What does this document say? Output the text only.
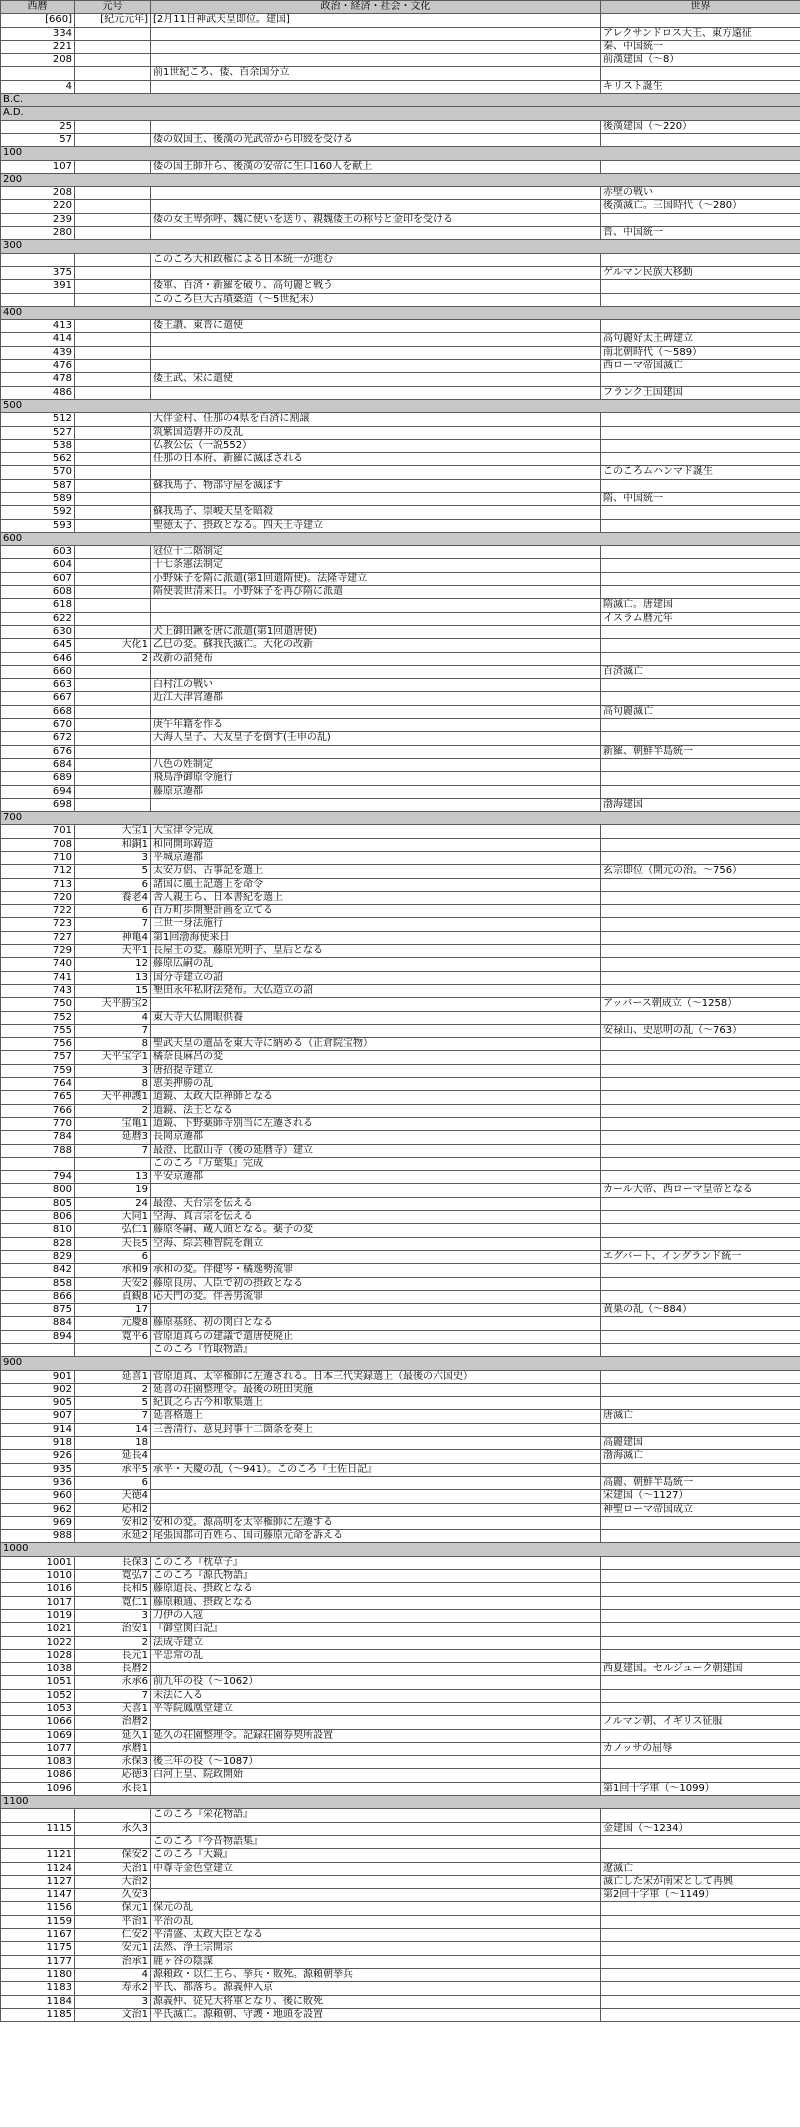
西暦	元号	政治・経済・社会・文化	世界
[660]	[紀元元年]	[2月11日神武天皇即位。建国]	
334			アレクサンドロス大王、東方遠征
221			秦、中国統一
208			前漢建国（～8）
		前1世紀ころ、倭、百余国分立	
4			キリスト誕生
B.C.			
A.D.			
25			後漢建国（～220）
57		倭の奴国王、後漢の光武帝から印綬を受ける	
100			
107		倭の国王帥升ら、後漢の安帝に生口160人を献上	
200			
208			赤壁の戦い
220			後漢滅亡。三国時代（～280）
239		倭の女王卑弥呼、魏に使いを送り、親魏倭王の称号と金印を受ける	
280			晋、中国統一
300			
		このころ大和政権による日本統一が進む	
375			ゲルマン民族大移動
391		倭軍、百済・新羅を破り、高句麗と戦う	
		このころ巨大古墳築造（～5世紀末）	
400			
413		倭王讃、東晋に遣使	
414			高句麗好太王碑建立
439			南北朝時代（～589）
476			西ローマ帝国滅亡
478		倭王武、宋に遣使	
486			フランク王国建国
500			
512		大伴金村、任那の4県を百済に割譲	
527		筑紫国造磐井の反乱	
538		仏教公伝（一説552）	
562		任那の日本府、新羅に滅ぼされる	
570			このころムハンマド誕生
587		蘇我馬子、物部守屋を滅ぼす	
589			隋、中国統一
592		蘇我馬子、崇峻天皇を暗殺	
593		聖徳太子、摂政となる。四天王寺建立	
600			
603		冠位十二階制定	
604		十七条憲法制定	
607		小野妹子を隋に派遣(第1回遣隋使)。法隆寺建立	
608		隋使裴世清来日。小野妹子を再び隋に派遣	
618			隋滅亡。唐建国
622			イスラム暦元年
630		犬上御田鍬を唐に派遣(第1回遣唐使)	
645	大化1	乙巳の変。蘇我氏滅亡。大化の改新	
646	2	改新の詔発布	
660			百済滅亡
663		白村江の戦い	
667		近江大津宮遷都	
668			高句麗滅亡
670		庚午年籍を作る	
672		大海人皇子、大友皇子を倒す(壬申の乱)	
676			新羅、朝鮮半島統一
684		八色の姓制定	
689		飛鳥浄御原令施行	
694		藤原京遷都	
698			渤海建国
700			
701	大宝1	大宝律令完成	
708	和銅1	和同開珎鋳造	
710	3	平城京遷都	
712	5	太安万侶、古事記を選上	玄宗即位（開元の治。～756）
713	6	諸国に風土記選上を命令	
720	養老4	舎人親王ら、日本書紀を選上	
722	6	百万町歩開墾計画を立てる	
723	7	三世一身法施行	
727	神亀4	第1回渤海使来日	
729	天平1	長屋王の変。藤原光明子、皇后となる	
740	12	藤原広嗣の乱	
741	13	国分寺建立の詔	
743	15	墾田永年私財法発布。大仏造立の詔	
750	天平勝宝2		アッバース朝成立（～1258）
752	4	東大寺大仏開眼供養	
755	7		安禄山、史思明の乱（～763）
756	8	聖武天皇の遺品を東大寺に納める（正倉院宝物）	
757	天平宝字1	橘奈良麻呂の変	
759	3	唐招提寺建立	
764	8	恵美押勝の乱	
765	天平神護1	道鏡、太政大臣禅師となる	
766	2	道鏡、法王となる	
770	宝亀1	道鏡、下野薬師寺別当に左遷される	
784	延暦3	長岡京遷都	
788	7	最澄、比叡山寺（後の延暦寺）建立	
		このころ『万葉集』完成	
794	13	平安京遷都	
800	19		カール大帝、西ローマ皇帝となる
805	24	最澄、天台宗を伝える	
806	大同1	空海、真言宗を伝える	
810	弘仁1	藤原冬嗣、蔵人頭となる。薬子の変	
828	天長5	空海、綜芸種智院を創立	
829	6		エグバート、イングランド統一
842	承和9	承和の変。伴健岑・橘逸勢流罪	
858	天安2	藤原良房、人臣で初の摂政となる	
866	貞観8	応天門の変。伴善男流罪	
875	17		黄巣の乱（～884）
884	元慶8	藤原基経、初の関白となる	
894	寛平6	菅原道真らの建議で遣唐使廃止	
		このころ『竹取物語』	
900			
901	延喜1	菅原道真、太宰権帥に左遷される。日本三代実録選上（最後の六国史）	
902	2	延喜の荘園整理令。最後の班田実施	
905	5	紀貫之ら古今和歌集選上	
907	7	延喜格選上	唐滅亡
914	14	三善清行、意見封事十二箇条を奏上	
918	18		高麗建国
926	延長4		渤海滅亡
935	承平5	承平・天慶の乱（～941）。このころ『土佐日記』	
936	6		高麗、朝鮮半島統一
960	天徳4		宋建国（～1127）
962	応和2		神聖ローマ帝国成立
969	安和2	安和の変。源高明を太宰権帥に左遷する	
988	永延2	尾張国郡司百姓ら、国司藤原元命を訴える	
1000			
1001	長保3	このころ『枕草子』	
1010	寛弘7	このころ『源氏物語』	
1016	長和5	藤原道長、摂政となる	
1017	寛仁1	藤原頼通、摂政となる	
1019	3	刀伊の入寇	
1021	治安1	『御堂関白記』	
1022	2	法成寺建立	
1028	長元1	平忠常の乱	
1038	長暦2		西夏建国。セルジューク朝建国
1051	永承6	前九年の役（～1062）	
1052	7	末法に入る	
1053	天喜1	平等院鳳凰堂建立	
1066	治暦2		ノルマン朝、イギリス征服
1069	延久1	延久の荘園整理令。記録荘園券契所設置	
1077	承暦1		カノッサの屈辱
1083	永保3	後三年の役（～1087）	
1086	応徳3	白河上皇、院政開始	
1096	永長1		第1回十字軍（～1099）
1100			
		このころ『栄花物語』	
1115	永久3		金建国（～1234）
		このころ『今昔物語集』	
1121	保安2	このころ『大鏡』	
1124	天治1	中尊寺金色堂建立	遼滅亡
1127	大治2		滅亡した宋が南宋として再興
1147	久安3		第2回十字軍（～1149）
1156	保元1	保元の乱	
1159	平治1	平治の乱	
1167	仁安2	平清盛、太政大臣となる	
1175	安元1	法然、浄土宗開宗	
1177	治承1	鹿ヶ谷の陰謀	
1180	4	源頼政・以仁王ら、挙兵・敗死。源頼朝挙兵	
1183	寿永2	平氏、都落ち。源義仲入京	
1184	3	源義仲、従兄大将軍となり、後に敗死	
1185	文治1	平氏滅亡。源頼朝、守護・地頭を設置	
